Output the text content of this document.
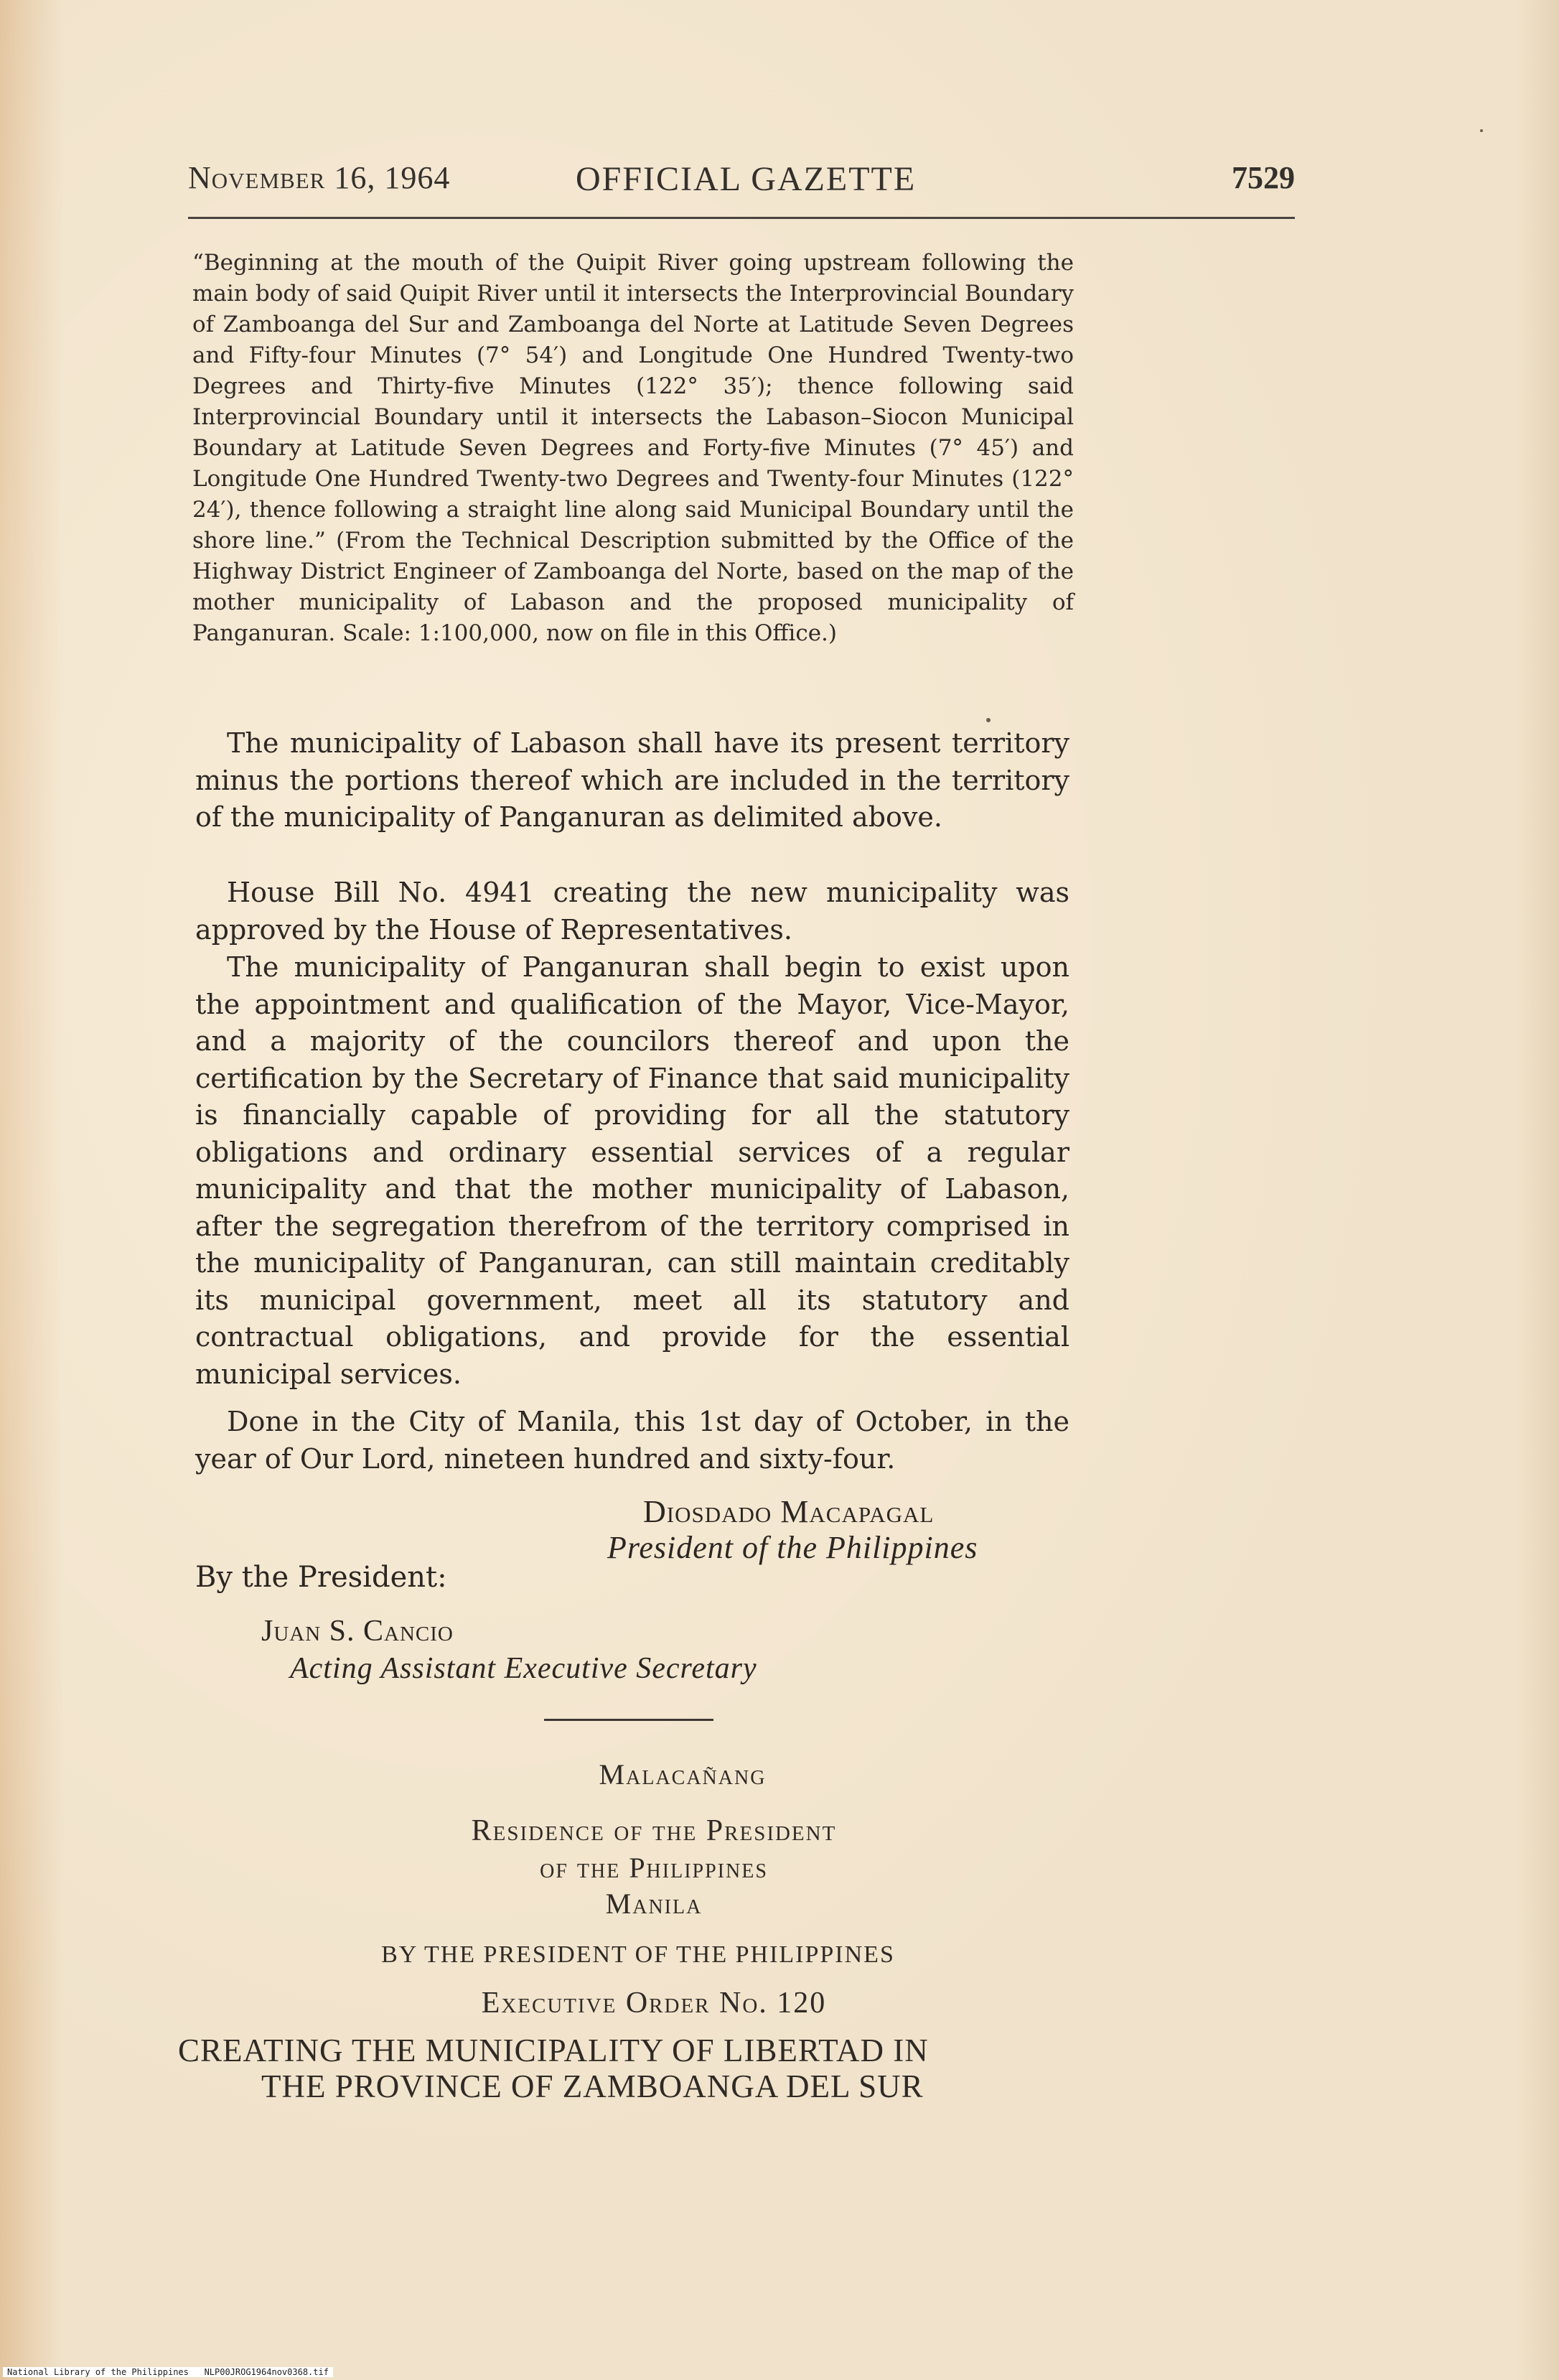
November 16, 1964	OFFICIAL GAZETTE	7529
“Beginning at the mouth of the Quipit River going upstream following the main body of said Quipit River until it intersects the Interprovincial Boundary of Zamboanga del Sur and Zamboanga del Norte at Latitude Seven Degrees and Fifty-four Minutes (7° 54′) and Longitude One Hundred Twenty-two Degrees and Thirty-five Minutes (122° 35′); thence following said Interprovincial Boundary until it intersects the Labason–Siocon Municipal Boundary at Latitude Seven Degrees and Forty-five Minutes (7° 45′) and Longitude One Hundred Twenty-two Degrees and Twenty-four Minutes (122° 24′), thence following a straight line along said Municipal Boundary until the shore line.” (From the Technical Description submitted by the Office of the Highway District Engineer of Zamboanga del Norte, based on the map of the mother municipality of Labason and the proposed municipality of Panganuran. Scale: 1:100,000, now on file in this Office.)

The municipality of Labason shall have its present territory minus the portions thereof which are included in the territory of the municipality of Panganuran as delimited above.

House Bill No. 4941 creating the new municipality was approved by the House of Representatives.

The municipality of Panganuran shall begin to exist upon the appointment and qualification of the Mayor, Vice-Mayor, and a majority of the councilors thereof and upon the certification by the Secretary of Finance that said municipality is financially capable of providing for all the statutory obligations and ordinary essential services of a regular municipality and that the mother municipality of Labason, after the segregation therefrom of the territory comprised in the municipality of Panganuran, can still maintain creditably its municipal government, meet all its statutory and contractual obligations, and provide for the essential municipal services.

Done in the City of Manila, this 1st day of October, in the year of Our Lord, nineteen hundred and sixty-four.

Diosdado Macapagal
President of the Philippines
By the President:
Juan S. Cancio
Acting Assistant Executive Secretary
Malacañang
Residence of the President
of the Philippines
Manila
BY THE PRESIDENT OF THE PHILIPPINES
Executive Order No. 120
CREATING THE MUNICIPALITY OF LIBERTAD IN
THE PROVINCE OF ZAMBOANGA DEL SUR
National Library of the Philippines NLP00JROG1964nov0368.tif
